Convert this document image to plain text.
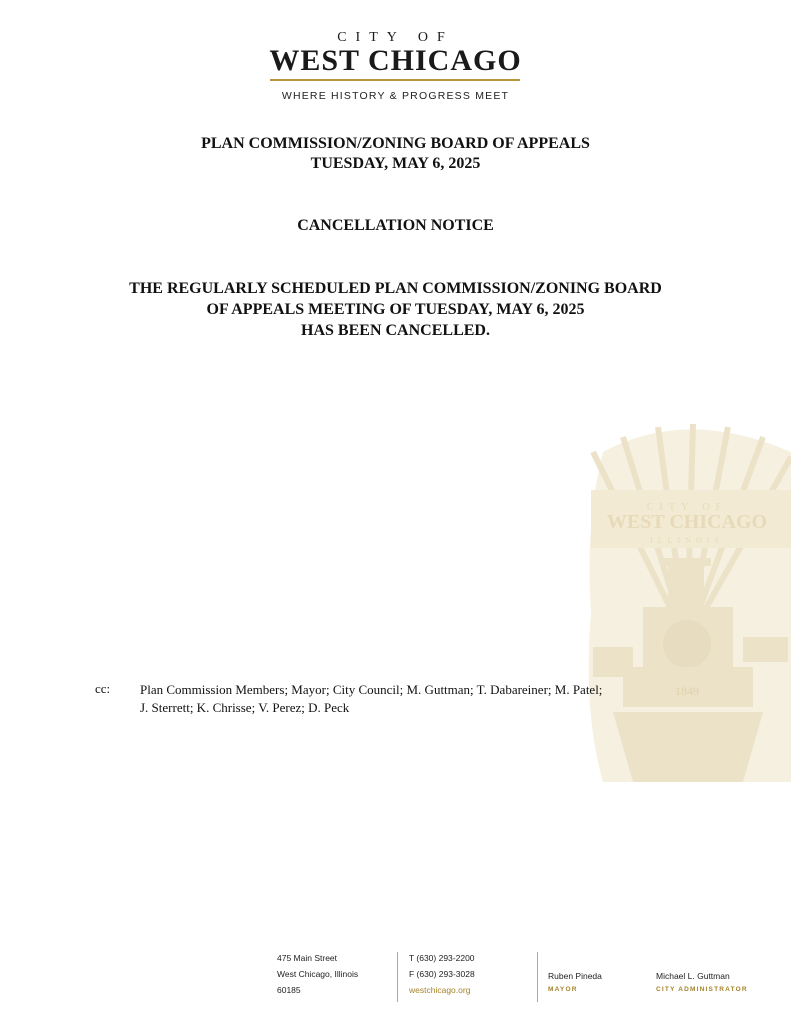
CITY OF
WEST CHICAGO
WHERE HISTORY & PROGRESS MEET
PLAN COMMISSION/ZONING BOARD OF APPEALS
TUESDAY, MAY 6, 2025
CANCELLATION NOTICE
THE REGULARLY SCHEDULED PLAN COMMISSION/ZONING BOARD
OF APPEALS MEETING OF TUESDAY, MAY 6, 2025
HAS BEEN CANCELLED.
CITY OF
WEST CHICAGO
ILLINOIS
1849
cc: Plan Commission Members; Mayor; City Council; M. Guttman; T. Dabareiner; M. Patel;
J. Sterrett; K. Chrisse; V. Perez; D. Peck
475 Main Street
West Chicago, Illinois
60185
T (630) 293-2200
F (630) 293-3028
westchicago.org
Ruben Pineda
MAYOR
Michael L. Guttman
CITY ADMINISTRATOR
